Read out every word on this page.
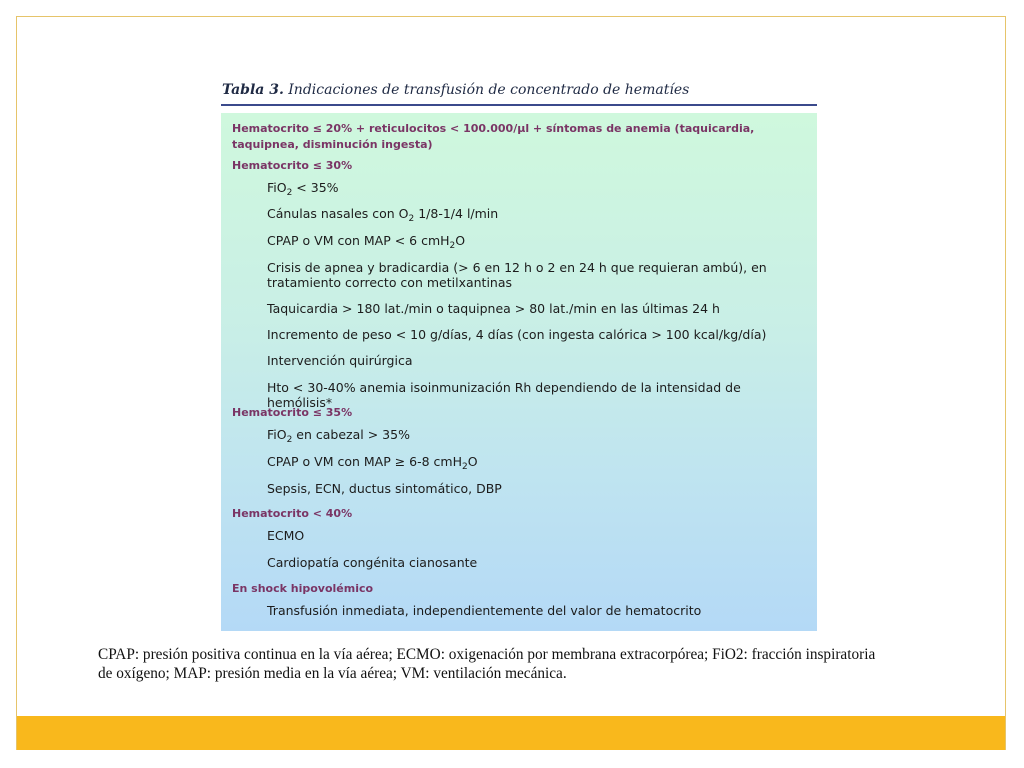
Tabla 3. Indicaciones de transfusión de concentrado de hematíes
Hematocrito ≤ 20% + reticulocitos < 100.000/µl + síntomas de anemia (taquicardia, taquipnea, disminución ingesta)
Hematocrito ≤ 30%
FiO$_2$ < 35%
Cánulas nasales con $O_2$ 1/8-1/4 l/min
CPAP o VM con MAP < 6 cmH$_2$O
Crisis de apnea y bradicardia (> 6 en 12 h o 2 en 24 h que requieran ambú), en tratamiento correcto con metilxantinas
Taquicardia > 180 lat./min o taquipnea > 80 lat./min en las últimas 24 h
Incremento de peso < 10 g/días, 4 días (con ingesta calórica > 100 kcal/kg/día)
Intervención quirúrgica
Hto < 30-40% anemia isoinmunización Rh dependiendo de la intensidad de hemólisis*
Hematocrito ≤ 35%
FiO$_2$ en cabezal > 35%
CPAP o VM con MAP ≥ 6-8 cmH$_2$O
Sepsis, ECN, ductus sintomático, DBP
Hematocrito < 40%
ECMO
Cardiopatía congénita cianosante
En shock hipovolémico
Transfusión inmediata, independientemente del valor de hematocrito
CPAP: presión positiva continua en la vía aérea; ECMO: oxigenación por membrana extracorpórea; FiO2: fracción inspiratoria de oxígeno; MAP: presión media en la vía aérea; VM: ventilación mecánica.
